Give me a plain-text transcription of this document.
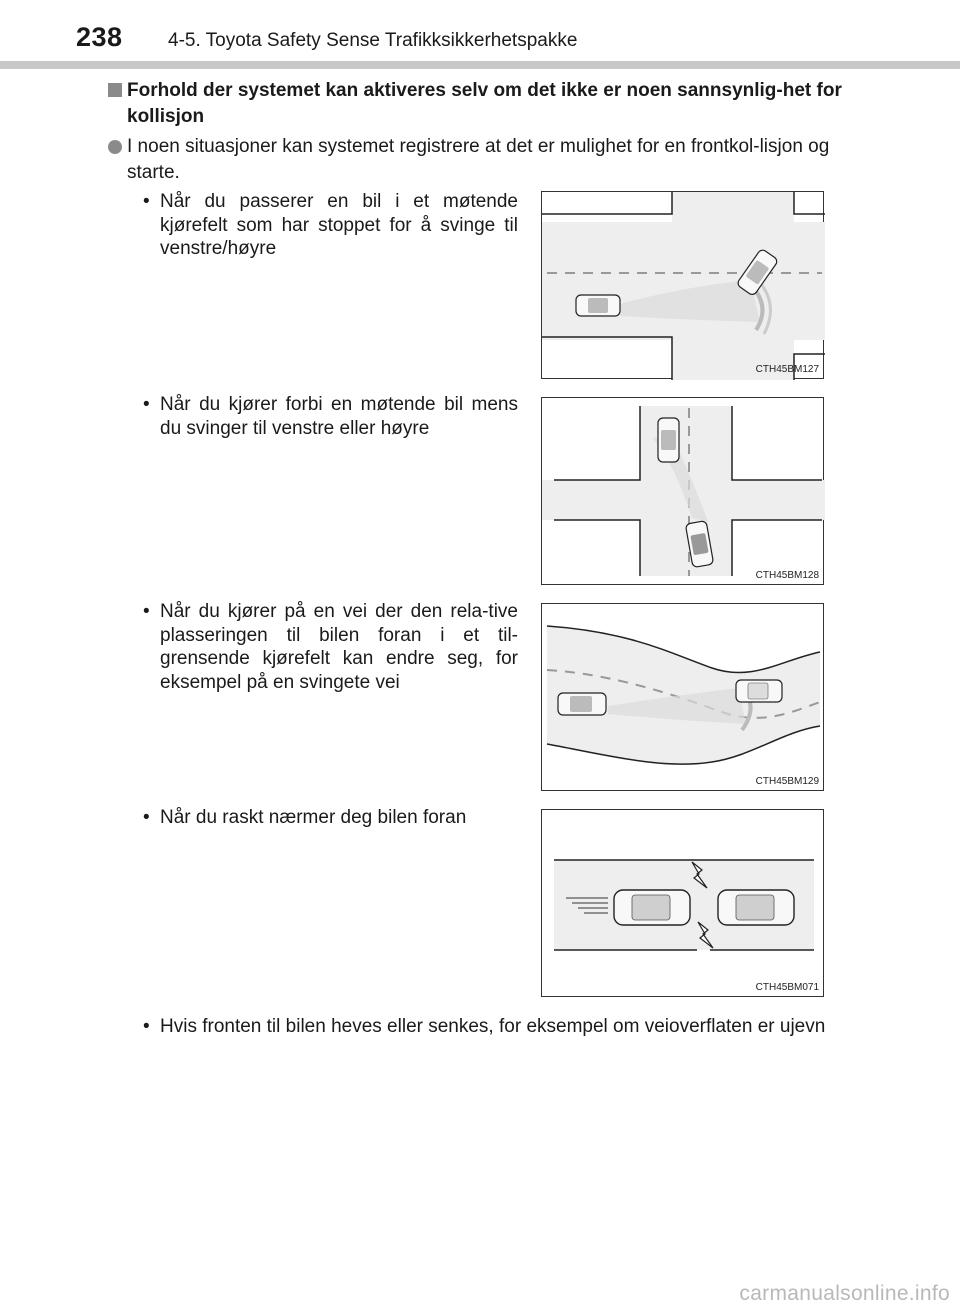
238 4-5. Toyota Safety Sense Trafikksikkerhetspakke
Forhold der systemet kan aktiveres selv om det ikke er noen sannsynlig-het for kollisjon
I noen situasjoner kan systemet registrere at det er mulighet for en frontkol-lisjon og starte.
• Når du passerer en bil i et møtende kjørefelt som har stoppet for å svinge til venstre/høyre
CTH45BM127
• Når du kjører forbi en møtende bil mens du svinger til venstre eller høyre
CTH45BM128
• Når du kjører på en vei der den rela-tive plasseringen til bilen foran i et til-grensende kjørefelt kan endre seg, for eksempel på en svingete vei
CTH45BM129
• Når du raskt nærmer deg bilen foran
CTH45BM071
• Hvis fronten til bilen heves eller senkes, for eksempel om veioverflaten er ujevn
carmanualsonline.info
